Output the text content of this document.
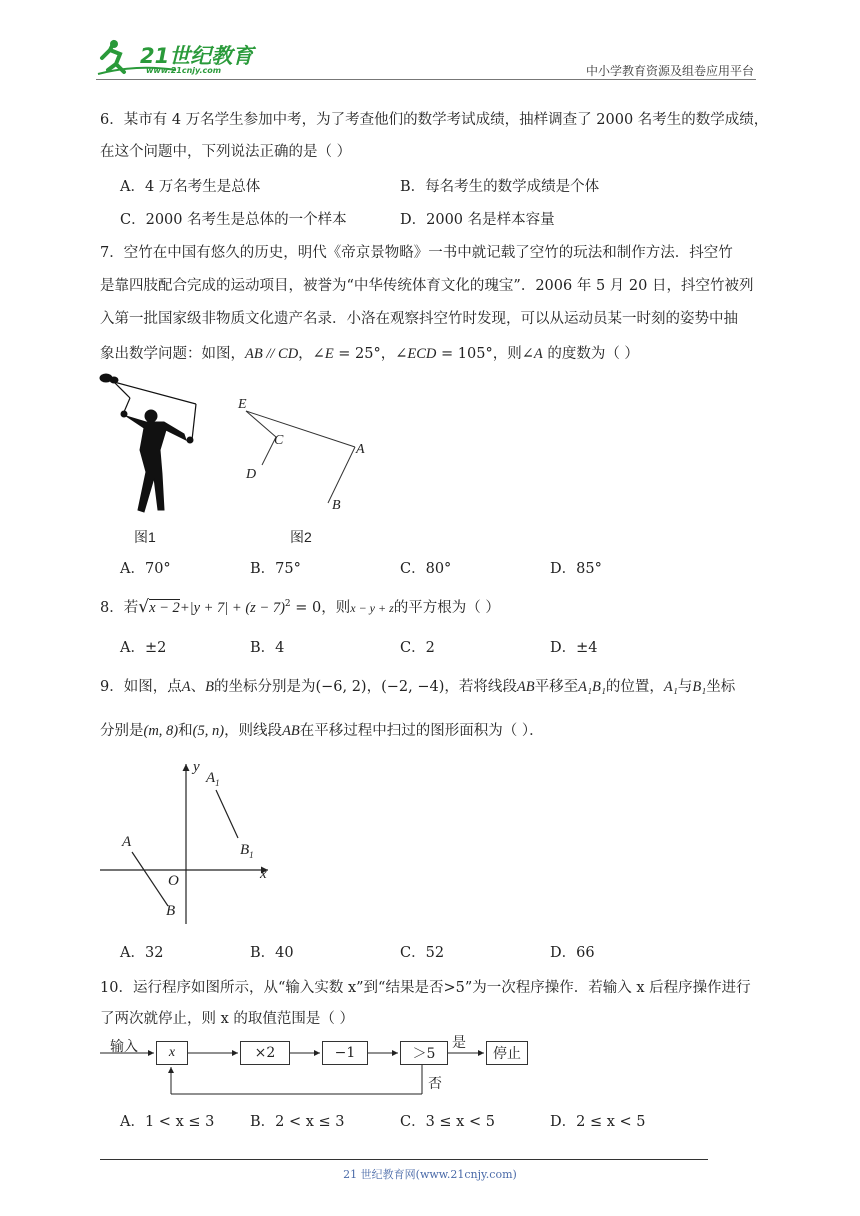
21世纪教育
www.21cnjy.com	中小学教育资源及组卷应用平台
6．某市有 4 万名学生参加中考，为了考查他们的数学考试成绩，抽样调查了 2000 名考生的数学成绩，
在这个问题中，下列说法正确的是（ ）
A．4 万名考生是总体	B．每名考生的数学成绩是个体
C．2000 名考生是总体的一个样本	D．2000 名是样本容量
7．空竹在中国有悠久的历史，明代《帝京景物略》一书中就记载了空竹的玩法和制作方法．抖空竹
是靠四肢配合完成的运动项目，被誉为“中华传统体育文化的瑰宝”．2006 年 5 月 20 日，抖空竹被列
入第一批国家级非物质文化遗产名录．小洛在观察抖空竹时发现，可以从运动员某一时刻的姿势中抽
象出数学问题：如图，AB // CD，∠E = 25°，∠ECD = 105°，则∠A 的度数为（ ）
图1
E
C
D
A
B
图2
A．70°	B．75°	C．80°	D．85°
8．若$√x - 2+|y + 7| + (z - 7)^2 = 0$，则x − y + z的平方根为（ ）
A．±2	B．4	C．2	D．±4
9．如图，点A、B的坐标分别是为(−6, 2)，(−2, −4)，若将线段AB平移至A₁B₁的位置，A₁与B₁坐标
分别是(m, 8)和(5, n)，则线段AB在平移过程中扫过的图形面积为（ ）．
y
x
O
A
B
$A_1$
$B_1$
A．32	B．40	C．52	D．66
10．运行程序如图所示，从“输入实数 x”到“结果是否>5”为一次程序操作．若输入 x 后程序操作进行
了两次就停止，则 x 的取值范围是（ ）
输入	x	×2	−1	＞5	停止
是
否
A．1 < x ≤ 3 B．2 < x ≤ 3	C．3 ≤ x < 5	D．2 ≤ x < 5
21 世纪教育网(www.21cnjy.com)
